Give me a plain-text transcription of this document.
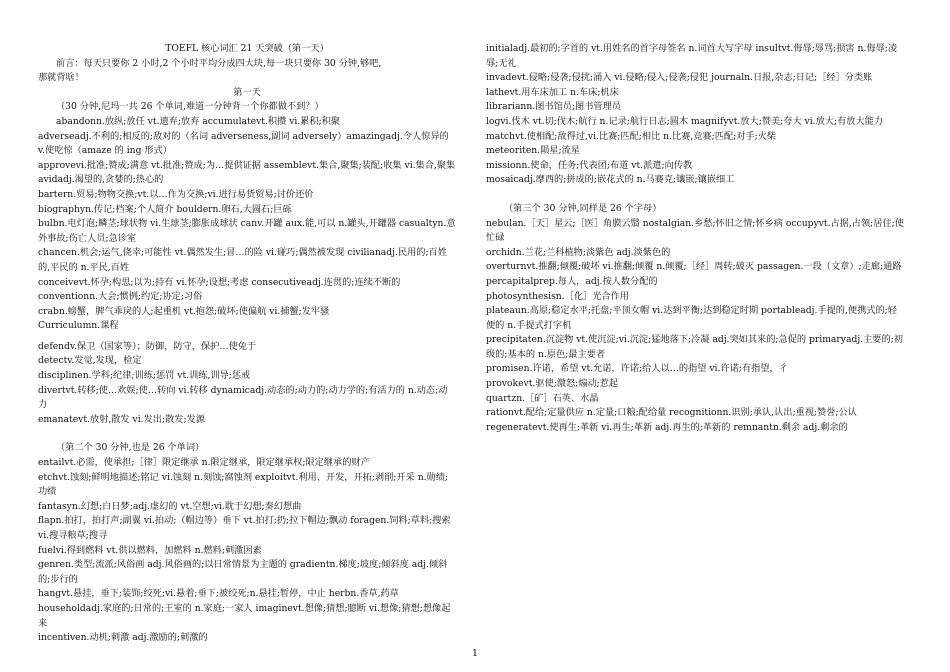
TOEFL 核心词汇 21 天突破（第一天）
前言：每天只要你 2 小时,2 个小时平均分成四大块,每一块只要你 30 分钟,够吧,
那就背啥！
第一天
（30 分钟,尼玛一共 26 个单词,难道一分钟背一个你都做不到？）
abandonn.放纵;放任 vt.遗弃;放弃 accumulatevt.积攒 vi.累积;积聚
adverseadj.不利的;相反的;敌对的（名词 adverseness,副词 adversely）amazingadj.令人惊异的 v.使吃惊（amaze 的 ing 形式）
approvevi.批准;赞成;满意 vt.批准;赞成;为…提供证据 assemblevt.集合,聚集;装配;收集 vi.集合,聚集
avidadj.渴望的,贪婪的;热心的
bartern.贸易;物物交换;vt.以…作为交换;vi.进行易货贸易;讨价还价
biographyn.传记;档案;个人简介 bouldern.卵石,大圆石;巨砾
bulbn.电灯泡;鳞茎;球状物 vi.生球茎;膨胀成球状 canv.开罐 aux.能,可以 n.罐头,开罐器 casualtyn.意外事故;伤亡人员;急诊室
chancen.机会;运气,侥幸;可能性 vt.偶然发生;冒…的险 vi.碰巧;偶然被发现 civilianadj.民用的;百姓的,平民的 n.平民,百姓
conceivevt.怀孕;构思;以为;持有 vi.怀孕;设想;考虑 consecutiveadj.连贯的;连续不断的
conventionn.大会;惯例;约定;协定;习俗
crabn.螃蟹，脾气乖戾的人;起重机 vt.抱怨;破坏;使偏航 vi.捕蟹;发牢骚
Curriculumn.课程
defendv.保卫（国家等）；防御，防守，保护…使免于
detectv.发觉,发现，检定
disciplinen.学科;纪律;训练;惩罚 vt.训练,训导;惩戒
divertvt.转移;使…欢娱;使…转向 vi.转移 dynamicadj.动态的;动力的;动力学的;有活力的 n.动态;动力
emanatevt.放射,散发 vi.发出;散发;发源
（第二个 30 分钟,也是 26 个单词）
entailvt.必需，使承担;［律］限定继承 n.限定继承，限定继承权;限定继承的财产
etchvt.蚀刻;鲜明地描述;铭记 vi.蚀刻 n.刻蚀;腐蚀剂 exploitvt.利用、开发，开拓;剥削;开采 n.勋绩;功绩
fantasyn.幻想;白日梦;adj.虚幻的 vt.空想;vi.耽于幻想;奏幻想曲
flapn.拍打，拍打声;副翼 vi.拍动;（帽边等）垂下 vt.拍打;扔;拉下帽边;飘动 foragen.饲料;草料;搜索 vi.搜寻粮草;搜寻
fuelvi.得到燃料 vt.供以燃料，加燃料 n.燃料;刺激因素
genren.类型;流派;风俗画 adj.风俗画的;以日常情景为主题的 gradientn.梯度;坡度;倾斜度 adj.倾斜的;步行的
hangvt.悬挂，垂下;装饰;绞死;vi.悬着;垂下;被绞死;n.悬挂;暂停，中止 herbn.香草,药草
householdadj.家庭的;日常的;王室的 n.家庭;一家人 imaginevt.想像;猜想;臆断 vi.想像;猜想;想像起来
incentiven.动机;刺激 adj.激励的;刺激的
initialadj.最初的;字首的 vt.用姓名的首字母签名 n.词首大写字母 insultvt.侮辱;辱骂;损害 n.侮辱;凌辱;无礼
invadevt.侵略;侵袭;侵扰;涌入 vi.侵略;侵入;侵袭;侵犯 journaln.日报,杂志;日记;［经］分类账
lathevt.用车床加工 n.车床;机床
librariann.图书馆员;图书管理员
logvi.伐木 vt.切;伐木;航行 n.记录;航行日志;圆木 magnifyvt.放大;赞美;夸大 vi.放大;有放大能力
matchvt.使相配;敌得过,vi.比赛;匹配;相比 n.比赛,竞赛;匹配;对手;火柴
meteoriten.陨星;流星
missionn.使命，任务;代表团;布道 vt.派遣;向传教
mosaicadj.摩西的;拼成的;嵌花式的 n.马赛克;镶嵌;镶嵌细工
（第三个 30 分钟,同样是 26 个字母）
nebulan.［天］星云;［医］角膜云翳 nostalgian.乡愁;怀旧之情;怀乡病 occupyvt.占据,占领;居住;使忙碌
orchidn.兰花;兰科植物;淡紫色 adj.淡紫色的
overturnvt.推翻;倾覆;破坏 vi.推翻;倾覆 n.倾覆;［经］周转;破灭 passagen.一段（文章）;走廊;通路
percapitalprep.每人，adj.按人数分配的
photosynthesisn.［化］光合作用
plateaun.高原;稳定水平;托盘;平顶女帽 vi.达到平衡;达到稳定时期 portableadj.手提的,便携式的;轻便的 n.手提式打字机
precipitaten.沉淀物 vt.使沉淀;vi.沉淀;猛地落下;冷凝 adj.突如其来的;急促的 primaryadj.主要的;初级的;基本的 n.原色;最主要者
promisen.许诺，希望 vt.允诺，许诺;给人以…的指望 vi.许诺;有指望，彳
provokevt.驱使;激怒;煽动;惹起
quartzn.［矿］石英、水晶
rationvt.配给;定量供应 n.定量;口粮;配给量 recognitionn.识别;承认,认出;重视;赞誉;公认
regeneratevt.使再生;革新 vi.再生;革新 adj.再生的;革新的 remnantn.剩余 adj.剩余的
1
